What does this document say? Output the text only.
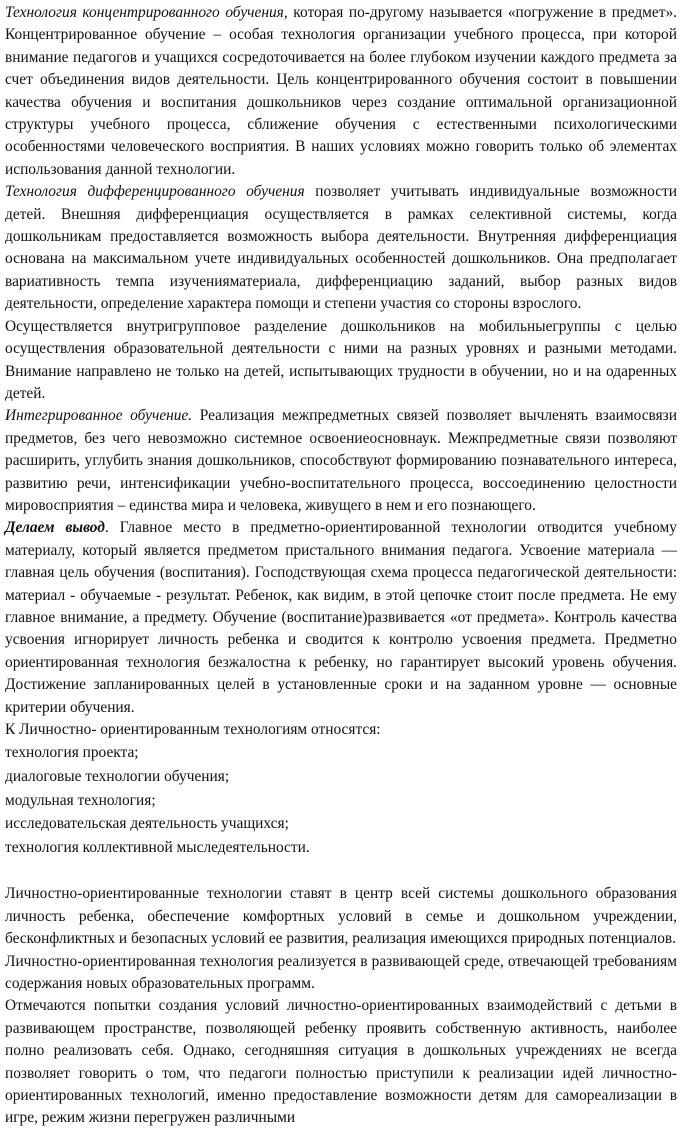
Технология концентрированного обучения, которая по-другому называется «погружение в предмет». Концентрированное обучение – особая технология организации учебного процесса, при которой внимание педагогов и учащихся сосредоточивается на более глубоком изучении каждого предмета за счет объединения видов деятельности. Цель концентрированного обучения состоит в повышении качества обучения и воспитания дошкольников через создание оптимальной организационной структуры учебного процесса, сближение обучения с естественными психологическими особенностями человеческого восприятия. В наших условиях можно говорить только об элементах использования данной технологии.

Технология дифференцированного обучения позволяет учитывать индивидуальные возможности детей. Внешняя дифференциация осуществляется в рамках селективной системы, когда дошкольникам предоставляется возможность выбора деятельности. Внутренняя дифференциация основана на максимальном учете индивидуальных особенностей дошкольников. Она предполагает вариативность темпа изученияматериала, дифференциацию заданий, выбор разных видов деятельности, определение характера помощи и степени участия со стороны взрослого.

Осуществляется внутригрупповое разделение дошкольников на мобильныегруппы с целью осуществления образовательной деятельности с ними на разных уровнях и разными методами. Внимание направлено не только на детей, испытывающих трудности в обучении, но и на одаренных детей.

Интегрированное обучение. Реализация межпредметных связей позволяет вычленять взаимосвязи предметов, без чего невозможно системное освоениеосновнаук. Межпредметные связи позволяют расширить, углубить знания дошкольников, способствуют формированию познавательного интереса, развитию речи, интенсификации учебно-воспитательного процесса, воссоединению целостности мировосприятия – единства мира и человека, живущего в нем и его познающего.

Делаем вывод. Главное место в предметно-ориентированной технологии отводится учебному материалу, который является предметом пристального внимания педагога. Усвоение материала — главная цель обучения (воспитания). Господствующая схема процесса педагогической деятельности: материал - обучаемые - результат. Ребенок, как видим, в этой цепочке стоит после предмета. Не ему главное внимание, а предмету. Обучение (воспитание)развивается «от предмета». Контроль качества усвоения игнорирует личность ребенка и сводится к контролю усвоения предмета. Предметно ориентированная технология безжалостна к ребенку, но гарантирует высокий уровень обучения. Достижение запланированных целей в установленные сроки и на заданном уровне — основные критерии обучения.

К Личностно- ориентированным технологиям относятся:

технология проекта;
диалоговые технологии обучения;
модульная технология;
исследовательская деятельность учащихся;
технология коллективной мыследеятельности.

Личностно-ориентированные технологии ставят в центр всей системы дошкольного образования личность ребенка, обеспечение комфортных условий в семье и дошкольном учреждении, бесконфликтных и безопасных условий ее развития, реализация имеющихся природных потенциалов.

Личностно-ориентированная технология реализуется в развивающей среде, отвечающей требованиям содержания новых образовательных программ.

Отмечаются попытки создания условий личностно-ориентированных взаимодействий с детьми в развивающем пространстве, позволяющей ребенку проявить собственную активность, наиболее полно реализовать себя. Однако, сегодняшняя ситуация в дошкольных учреждениях не всегда позволяет говорить о том, что педагоги полностью приступили к реализации идей личностно-ориентированных технологий, именно предоставление возможности детям для самореализации в игре, режим жизни перегружен различными
